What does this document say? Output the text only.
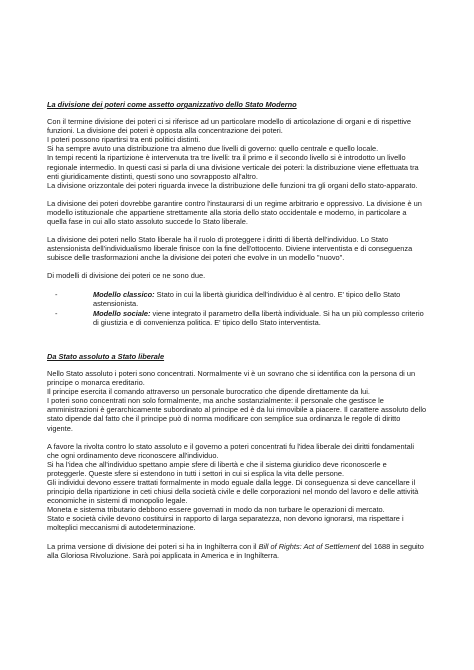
La divisione dei poteri come assetto organizzativo dello Stato Moderno

Con il termine divisione dei poteri ci si riferisce ad un particolare modello di articolazione di organi e di rispettive funzioni. La divisione dei poteri è opposta alla concentrazione dei poteri.

I poteri possono ripartirsi tra enti politici distinti.

Si ha sempre avuto una distribuzione tra almeno due livelli di governo: quello centrale e quello locale.

In tempi recenti la ripartizione è intervenuta tra tre livelli: tra il primo e il secondo livello si è introdotto un livello regionale intermedio. In questi casi si parla di una divisione verticale dei poteri: la distribuzione viene effettuata tra enti giuridicamente distinti, questi sono uno sovrapposto all'altro.

La divisione orizzontale dei poteri riguarda invece la distribuzione delle funzioni tra gli organi dello stato-apparato.

La divisione dei poteri dovrebbe garantire contro l'instaurarsi di un regime arbitrario e oppressivo. La divisione è un modello istituzionale che appartiene strettamente alla storia dello stato occidentale e moderno, in particolare a quella fase in cui allo stato assoluto succede lo Stato liberale.

La divisione dei poteri nello Stato liberale ha il ruolo di proteggere i diritti di libertà dell'individuo. Lo Stato astensionista dell'individualismo liberale finisce con la fine dell'ottocento. Divienе interventista e di conseguenza subisce delle trasformazioni anche la divisione dei poteri che evolve in un modello "nuovo".

Di modelli di divisione dei poteri ce ne sono due.

-	Modello classico: Stato in cui la libertà giuridica dell'individuo è al centro. E' tipico dello Stato astensionista.
-	Modello sociale: viene integrato il parametro della libertà individuale. Si ha un più complesso criterio di giustizia e di convenienza politica. E' tipico dello Stato interventista.

Da Stato assoluto a Stato liberale

Nello Stato assoluto i poteri sono concentrati. Normalmente vi è un sovrano che si identifica con la persona di un principe o monarca ereditario.

Il principe esercita il comando attraverso un personale burocratico che dipende direttamente da lui.

I poteri sono concentrati non solo formalmente, ma anche sostanzialmente: il personale che gestisce le amministrazioni è gerarchicamente subordinato al principe ed è da lui rimovibile a piacere. Il carattere assoluto dello stato dipende dal fatto che il principe può di norma modificare con semplice sua ordinanza le regole di diritto vigente.

A favore la rivolta contro lo stato assoluto e il governo a poteri concentrati fu l'idea liberale dei diritti fondamentali che ogni ordinamento deve riconoscere all'individuo.

Si ha l'idea che all'individuo spettano ampie sfere di libertà e che il sistema giuridico deve riconoscerle e proteggerle. Queste sfere si estendono in tutti i settori in cui si esplica la vita delle persone.

Gli individui devono essere trattati formalmente in modo eguale dalla legge. Di conseguenza si deve cancellare il principio della ripartizione in ceti chiusi della società civile e delle corporazioni nel mondo del lavoro e delle attività economiche in sistemi di monopolio legale.

Moneta e sistema tributario debbono essere governati in modo da non turbare le operazioni di mercato.

Stato e società civile devono costituirsi in rapporto di larga separatezza, non devono ignorarsi, ma rispettare i molteplici meccanismi di autodeterminazione.

La prima versione di divisione dei poteri si ha in Inghilterra con il Bill of Rights: Act of Settlement del 1688 in seguito alla Gloriosa Rivoluzione. Sarà poi applicata in America e in Inghilterra.
